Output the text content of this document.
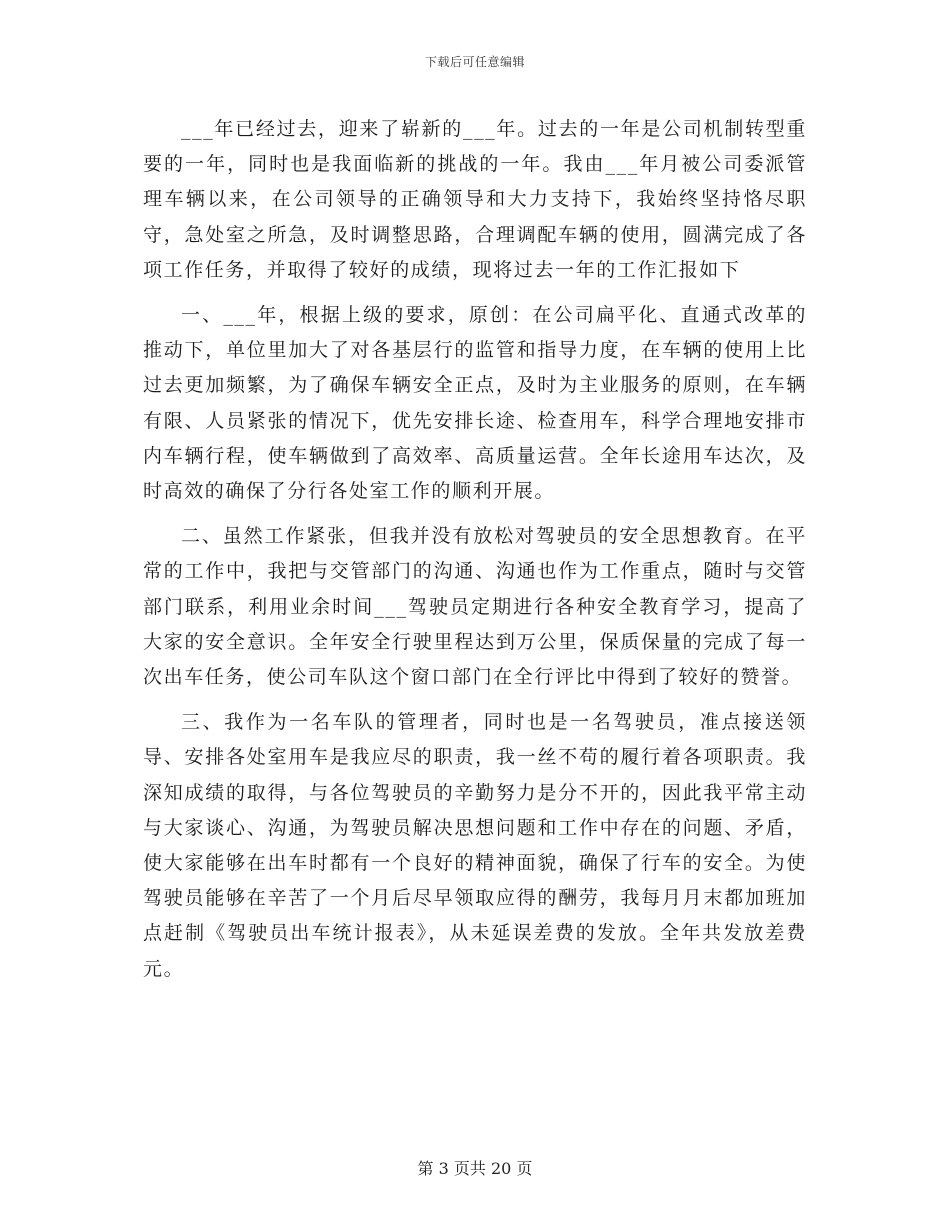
下载后可任意编辑

___年已经过去，迎来了崭新的___年。过去的一年是公司机制转型重要的一年，同时也是我面临新的挑战的一年。我由___年月被公司委派管理车辆以来，在公司领导的正确领导和大力支持下，我始终坚持恪尽职守，急处室之所急，及时调整思路，合理调配车辆的使用，圆满完成了各项工作任务，并取得了较好的成绩，现将过去一年的工作汇报如下

一、___年，根据上级的要求，原创：在公司扁平化、直通式改革的推动下，单位里加大了对各基层行的监管和指导力度，在车辆的使用上比过去更加频繁，为了确保车辆安全正点，及时为主业服务的原则，在车辆有限、人员紧张的情况下，优先安排长途、检查用车，科学合理地安排市内车辆行程，使车辆做到了高效率、高质量运营。全年长途用车达次，及时高效的确保了分行各处室工作的顺利开展。

二、虽然工作紧张，但我并没有放松对驾驶员的安全思想教育。在平常的工作中，我把与交管部门的沟通、沟通也作为工作重点，随时与交管部门联系，利用业余时间___驾驶员定期进行各种安全教育学习，提高了大家的安全意识。全年安全行驶里程达到万公里，保质保量的完成了每一次出车任务，使公司车队这个窗口部门在全行评比中得到了较好的赞誉。

三、我作为一名车队的管理者，同时也是一名驾驶员，准点接送领导、安排各处室用车是我应尽的职责，我一丝不苟的履行着各项职责。我深知成绩的取得，与各位驾驶员的辛勤努力是分不开的，因此我平常主动与大家谈心、沟通，为驾驶员解决思想问题和工作中存在的问题、矛盾，使大家能够在出车时都有一个良好的精神面貌，确保了行车的安全。为使驾驶员能够在辛苦了一个月后尽早领取应得的酬劳，我每月月末都加班加点赶制《驾驶员出车统计报表》，从未延误差费的发放。全年共发放差费元。

第 3 页共 20 页
